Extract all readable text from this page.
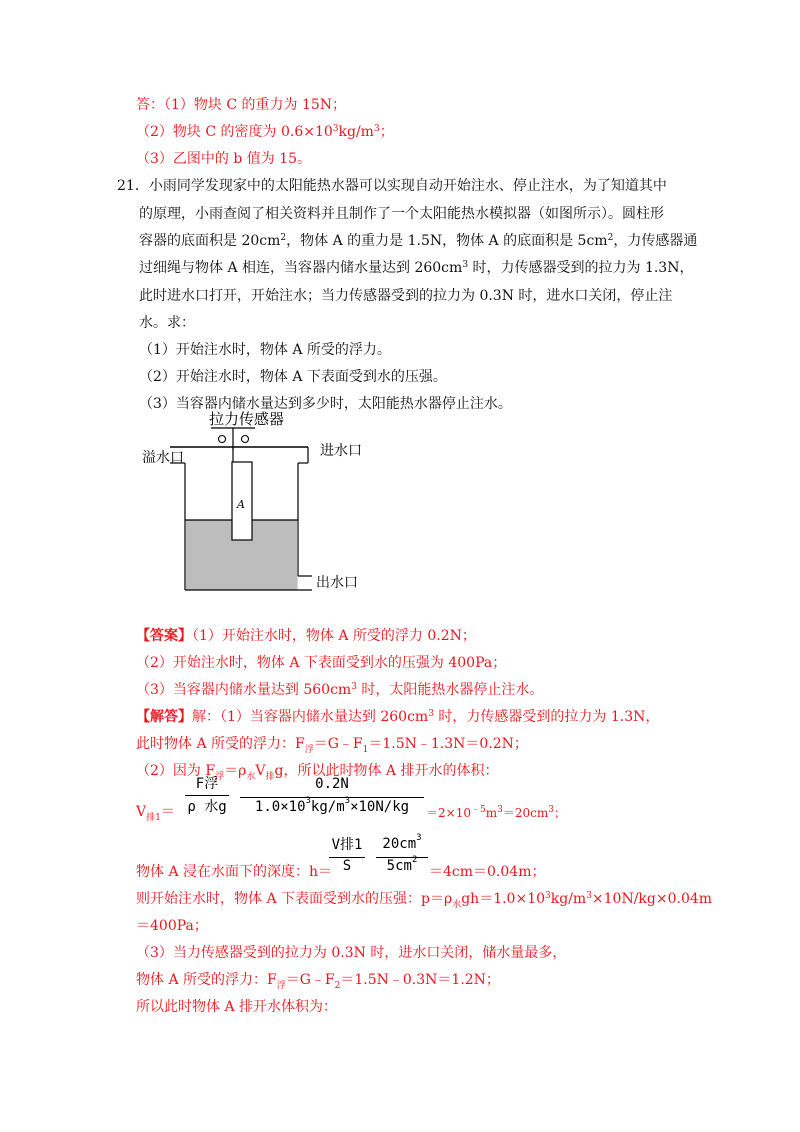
答：（1）物块 C 的重力为 15N；
（2）物块 C 的密度为 $0.6\times 10^3kg/m^3$；
（3）乙图中的 b 值为 15。
21．小雨同学发现家中的太阳能热水器可以实现自动开始注水、停止注水，为了知道其中
的原理，小雨查阅了相关资料并且制作了一个太阳能热水模拟器（如图所示）。圆柱形
容器的底面积是 $20cm^2$，物体 A 的重力是 1.5N，物体 A 的底面积是 $5cm^2$，力传感器通
过细绳与物体 A 相连，当容器内储水量达到 $260cm^3$ 时，力传感器受到的拉力为 1.3N，
此时进水口打开，开始注水；当力传感器受到的拉力为 0.3N 时，进水口关闭，停止注
水。求：
（1）开始注水时，物体 A 所受的浮力。
（2）开始注水时，物体 A 下表面受到水的压强。
（3）当容器内储水量达到多少时，太阳能热水器停止注水。
拉力传感器
溢水口	进水口
A
出水口
【答案】（1）开始注水时，物体 A 所受的浮力 0.2N；
（2）开始注水时，物体 A 下表面受到水的压强为 400Pa；
（3）当容器内储水量达到 $560cm^3$ 时，太阳能热水器停止注水。
【解答】解：（1）当容器内储水量达到 $260cm^3$ 时，力传感器受到的拉力为 1.3N，
此时物体 A 所受的浮力：$F_浮=G﹣F_1=1.5N﹣1.3N=0.2N$；
（2）因为 $F_浮=\rho_水V_排g$，所以此时物体 A 排开水的体积：
$V_{排1}=$
F浮
ρ 水g
0.2N
$1.0\times 10^3kg/m^3\times 10N/kg$	$=2\times 10^{﹣5}m^3=20cm^3$；
物体 A 浸在水面下的深度：h＝
V排1
S
$20cm^3$
$5cm^2$
＝4cm＝0.04m；
则开始注水时，物体 A 下表面受到水的压强：$p=\rho_水gh=1.0\times 10^3kg/m^3\times 10N/kg\times 0.04m$
＝400Pa；
（3）当力传感器受到的拉力为 0.3N 时，进水口关闭，储水量最多，
物体 A 所受的浮力：$F_浮=G﹣F_2=1.5N﹣0.3N=1.2N$；
所以此时物体 A 排开水体积为：
